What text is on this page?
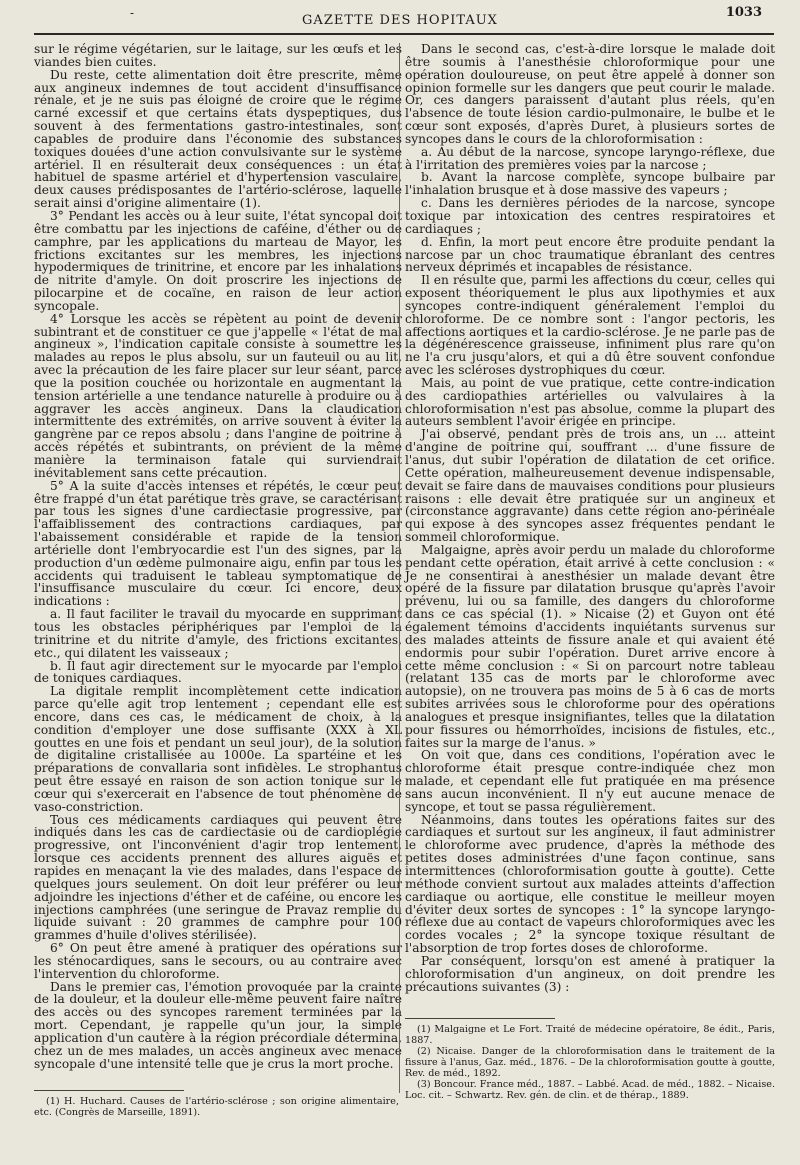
-	GAZETTE DES HOPITAUX
1033

sur le régime végétarien, sur le laitage, sur les œufs et les viandes bien cuites.

Du reste, cette alimentation doit être prescrite, même aux angineux indemnes de tout accident d'insuffisance rénale, et je ne suis pas éloigné de croire que le régime carné excessif et que certains états dyspeptiques, dus souvent à des fermentations gastro-intestinales, sont capables de produire dans l'économie des substances toxiques douées d'une action convulsivante sur le système artériel. Il en résulterait deux conséquences : un état habituel de spasme artériel et d'hypertension vasculaire, deux causes prédisposantes de l'artério-sclérose, laquelle serait ainsi d'origine alimentaire (1).

3° Pendant les accès ou à leur suite, l'état syncopal doit être combattu par les injections de caféine, d'éther ou de camphre, par les applications du marteau de Mayor, les frictions excitantes sur les membres, les injections hypodermiques de trinitrine, et encore par les inhalations de nitrite d'amyle. On doit proscrire les injections de pilocarpine et de cocaïne, en raison de leur action syncopale.

4° Lorsque les accès se répètent au point de devenir subintrant et de constituer ce que j'appelle « l'état de mal angineux », l'indication capitale consiste à soumettre les malades au repos le plus absolu, sur un fauteuil ou au lit, avec la précaution de les faire placer sur leur séant, parce que la position couchée ou horizontale en augmentant la tension artérielle a une tendance naturelle à produire ou à aggraver les accès angineux. Dans la claudication intermittente des extrémités, on arrive souvent à éviter la gangrène par ce repos absolu ; dans l'angine de poitrine à accès répétés et subintrants, on prévient de la même manière la terminaison fatale qui surviendrait inévitablement sans cette précaution.

5° A la suite d'accès intenses et répétés, le cœur peut être frappé d'un état parétique très grave, se caractérisant par tous les signes d'une cardiectasie progressive, par l'affaiblissement des contractions cardiaques, par l'abaissement considérable et rapide de la tension artérielle dont l'embryocardie est l'un des signes, par la production d'un œdème pulmonaire aigu, enfin par tous les accidents qui traduisent le tableau symptomatique de l'insuffisance musculaire du cœur. Ici encore, deux indications :

a. Il faut faciliter le travail du myocarde en supprimant tous les obstacles périphériques par l'emploi de la trinitrine et du nitrite d'amyle, des frictions excitantes, etc., qui dilatent les vaisseaux ;

b. Il faut agir directement sur le myocarde par l'emploi de toniques cardiaques.

La digitale remplit incomplètement cette indication parce qu'elle agit trop lentement ; cependant elle est encore, dans ces cas, le médicament de choix, à la condition d'employer une dose suffisante (XXX à XL gouttes en une fois et pendant un seul jour), de la solution de digitaline cristallisée au 1000e. La spartéine et les préparations de convallaria sont infidèles. Le strophantus peut être essayé en raison de son action tonique sur le cœur qui s'exercerait en l'absence de tout phénomène de vaso-constriction.

Tous ces médicaments cardiaques qui peuvent être indiqués dans les cas de cardiectasie ou de cardioplégie progressive, ont l'inconvénient d'agir trop lentement, lorsque ces accidents prennent des allures aiguës et rapides en menaçant la vie des malades, dans l'espace de quelques jours seulement. On doit leur préférer ou leur adjoindre les injections d'éther et de caféine, ou encore les injections camphrées (une seringue de Pravaz remplie du liquide suivant : 20 grammes de camphre pour 100 grammes d'huile d'olives stérilisée).

6° On peut être amené à pratiquer des opérations sur les sténocardiques, sans le secours, ou au contraire avec l'intervention du chloroforme.

Dans le premier cas, l'émotion provoquée par la crainte de la douleur, et la douleur elle-même peuvent faire naître des accès ou des syncopes rarement terminées par la mort. Cependant, je rappelle qu'un jour, la simple application d'un cautère à la région précordiale détermina, chez un de mes malades, un accès angineux avec menace syncopale d'une intensité telle que je crus la mort proche.

Dans le second cas, c'est-à-dire lorsque le malade doit être soumis à l'anesthésie chloroformique pour une opération douloureuse, on peut être appelé à donner son opinion formelle sur les dangers que peut courir le malade. Or, ces dangers paraissent d'autant plus réels, qu'en l'absence de toute lésion cardio-pulmonaire, le bulbe et le cœur sont exposés, d'après Duret, à plusieurs sortes de syncopes dans le cours de la chloroformisation :

a. Au début de la narcose, syncope laryngo-réflexe, due à l'irritation des premières voies par la narcose ;

b. Avant la narcose complète, syncope bulbaire par l'inhalation brusque et à dose massive des vapeurs ;

c. Dans les dernières périodes de la narcose, syncope toxique par intoxication des centres respiratoires et cardiaques ;

d. Enfin, la mort peut encore être produite pendant la narcose par un choc traumatique ébranlant des centres nerveux déprimés et incapables de résistance.

Il en résulte que, parmi les affections du cœur, celles qui exposent théoriquement le plus aux lipothymies et aux syncopes contre-indiquent généralement l'emploi du chloroforme. De ce nombre sont : l'angor pectoris, les affections aortiques et la cardio-sclérose. Je ne parle pas de la dégénérescence graisseuse, infiniment plus rare qu'on ne l'a cru jusqu'alors, et qui a dû être souvent confondue avec les scléroses dystrophiques du cœur.

Mais, au point de vue pratique, cette contre-indication des cardiopathies artérielles ou valvulaires à la chloroformisation n'est pas absolue, comme la plupart des auteurs semblent l'avoir érigée en principe.

J'ai observé, pendant près de trois ans, un ... atteint d'angine de poitrine qui, souffrant ... d'une fissure de l'anus, dut subir l'opération de dilatation de cet orifice. Cette opération, malheureusement devenue indispensable, devait se faire dans de mauvaises conditions pour plusieurs raisons : elle devait être pratiquée sur un angineux et (circonstance aggravante) dans cette région ano-périnéale qui expose à des syncopes assez fréquentes pendant le sommeil chloroformique.

Malgaigne, après avoir perdu un malade du chloroforme pendant cette opération, était arrivé à cette conclusion : « Je ne consentirai à anesthésier un malade devant être opéré de la fissure par dilatation brusque qu'après l'avoir prévenu, lui ou sa famille, des dangers du chloroforme dans ce cas spécial (1). » Nicaise (2) et Guyon ont été également témoins d'accidents inquiétants survenus sur des malades atteints de fissure anale et qui avaient été endormis pour subir l'opération. Duret arrive encore à cette même conclusion : « Si on parcourt notre tableau (relatant 135 cas de morts par le chloroforme avec autopsie), on ne trouvera pas moins de 5 à 6 cas de morts subites arrivées sous le chloroforme pour des opérations analogues et presque insignifiantes, telles que la dilatation pour fissures ou hémorrhoïdes, incisions de fistules, etc., faites sur la marge de l'anus. »

On voit que, dans ces conditions, l'opération avec le chloroforme était presque contre-indiquée chez mon malade, et cependant elle fut pratiquée en ma présence sans aucun inconvénient. Il n'y eut aucune menace de syncope, et tout se passa régulièrement.

Néanmoins, dans toutes les opérations faites sur des cardiaques et surtout sur les angineux, il faut administrer le chloroforme avec prudence, d'après la méthode des petites doses administrées d'une façon continue, sans intermittences (chloroformisation goutte à goutte). Cette méthode convient surtout aux malades atteints d'affection cardiaque ou aortique, elle constitue le meilleur moyen d'éviter deux sortes de syncopes : 1° la syncope laryngo-réflexe due au contact de vapeurs chloroformiques avec les cordes vocales ; 2° la syncope toxique résultant de l'absorption de trop fortes doses de chloroforme.

Par conséquent, lorsqu'on est amené à pratiquer la chloroformisation d'un angineux, on doit prendre les précautions suivantes (3) :

(1) H. Huchard. Causes de l'artério-sclérose ; son origine alimentaire, etc. (Congrès de Marseille, 1891).

(1) Malgaigne et Le Fort. Traité de médecine opératoire, 8e édit., Paris, 1887.

(2) Nicaise. Danger de la chloroformisation dans le traitement de la fissure à l'anus, Gaz. méd., 1876. – De la chloroformisation goutte à goutte, Rev. de méd., 1892.

(3) Boncour. France méd., 1887. – Labbé. Acad. de méd., 1882. – Nicaise. Loc. cit. – Schwartz. Rev. gén. de clin. et de thérap., 1889.
